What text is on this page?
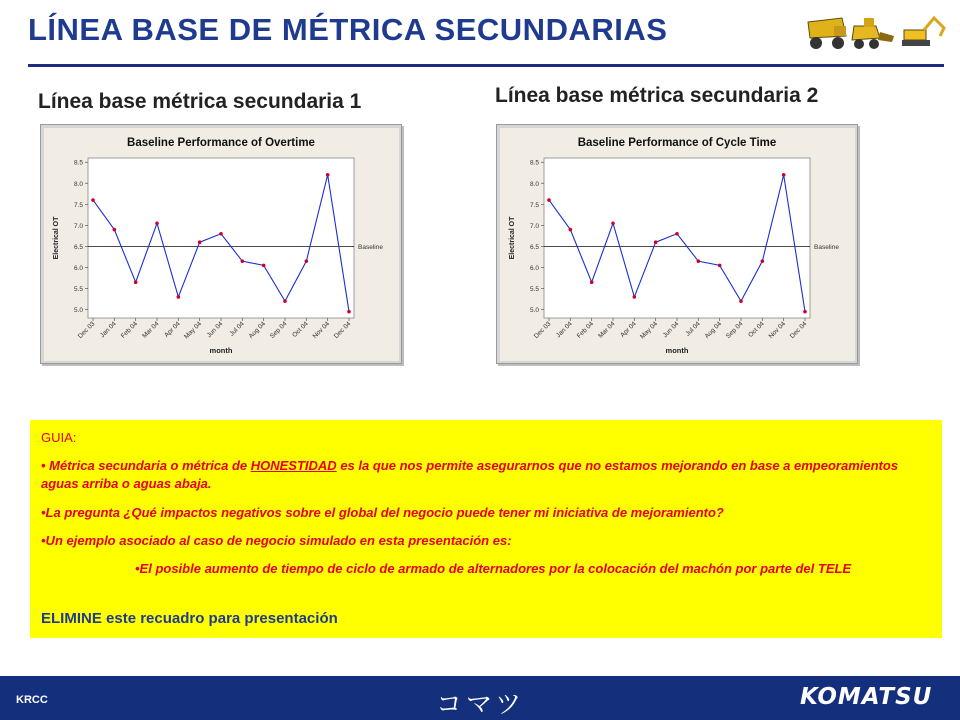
LÍNEA BASE DE MÉTRICA SECUNDARIAS
Línea base métrica secundaria 1	Línea base métrica secundaria 2
Baseline Performance of Overtime
5.0
5.5
6.0
6.5
7.0
7.5
8.0
8.5
Electrical OT
Dec 03 Jan 04 Feb 04 Mar 04 Apr 04 May 04 Jun 04 Jul 04 Aug 04 Sep 04 Oct 04 Nov 04 Dec 04
month
Baseline
Baseline Performance of Cycle Time
5.0
5.5
6.0
6.5
7.0
7.5
8.0
8.5
Electrical OT
Dec 03 Jan 04 Feb 04 Mar 04 Apr 04 May 04 Jun 04 Jul 04 Aug 04 Sep 04 Oct 04 Nov 04 Dec 04
month
Baseline
GUIA:
• Métrica secundaria o métrica de HONESTIDAD es la que nos permite asegurarnos que no estamos mejorando en base a empeoramientos aguas arriba o aguas abaja.
•La pregunta ¿Qué impactos negativos sobre el global del negocio puede tener mi iniciativa de mejoramiento?
•Un ejemplo asociado al caso de negocio simulado en esta presentación es:
•El posible aumento de tiempo de ciclo de armado de alternadores por la colocación del machón por parte del TELE
ELIMINE este recuadro para presentación
KRCC	コマツ	KOMATSU
